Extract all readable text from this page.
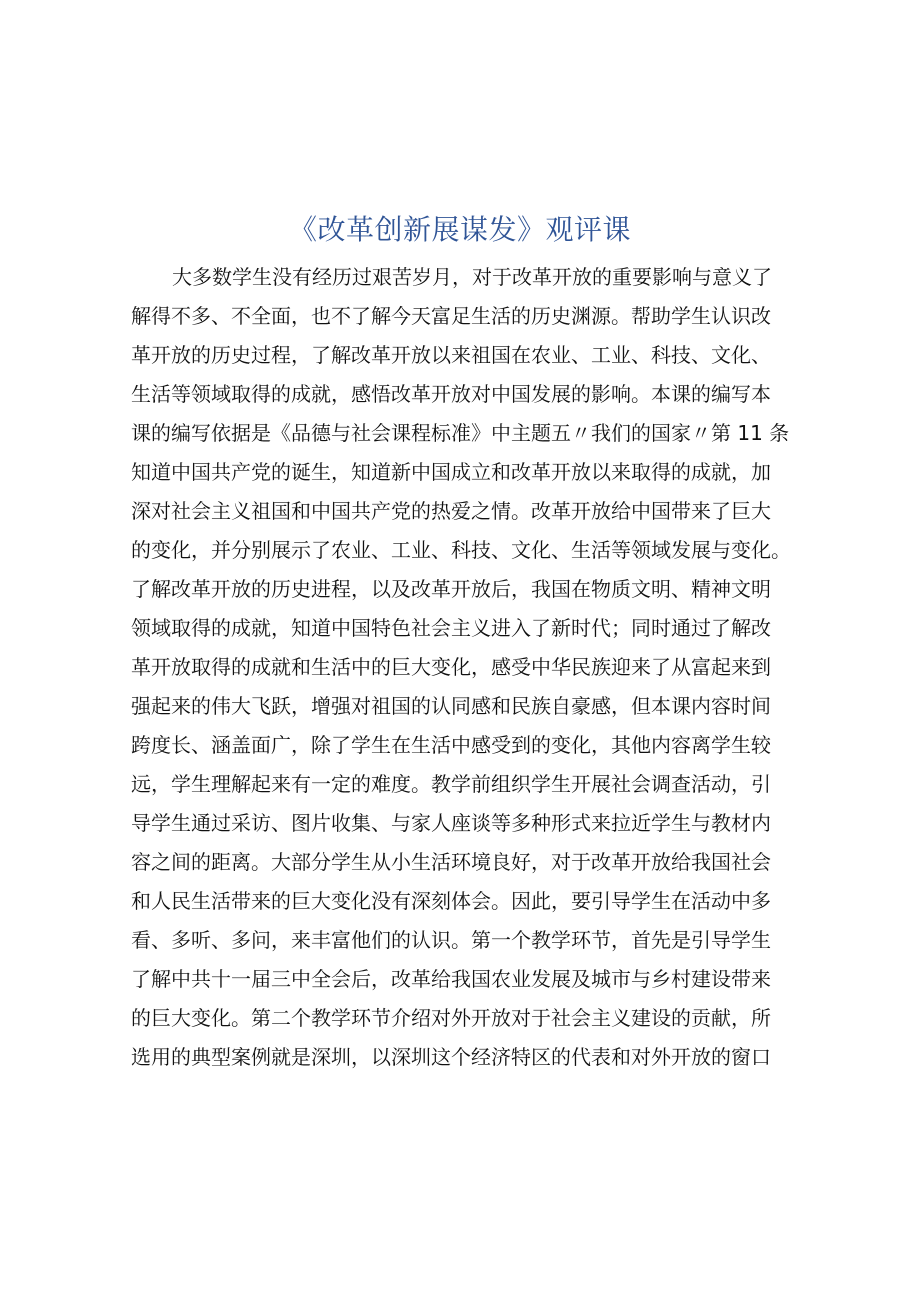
《改革创新展谋发》观评课
大多数学生没有经历过艰苦岁月，对于改革开放的重要影响与意义了
解得不多、不全面，也不了解今天富足生活的历史渊源。帮助学生认识改
革开放的历史过程，了解改革开放以来祖国在农业、工业、科技、文化、
生活等领域取得的成就，感悟改革开放对中国发展的影响。本课的编写本
课的编写依据是《品德与社会课程标准》中主题五〃我们的国家〃第 11 条
知道中国共产党的诞生，知道新中国成立和改革开放以来取得的成就，加
深对社会主义祖国和中国共产党的热爱之情。改革开放给中国带来了巨大
的变化，并分别展示了农业、工业、科技、文化、生活等领域发展与变化。
了解改革开放的历史进程，以及改革开放后，我国在物质文明、精神文明
领域取得的成就，知道中国特色社会主义进入了新时代；同时通过了解改
革开放取得的成就和生活中的巨大变化，感受中华民族迎来了从富起来到
强起来的伟大飞跃，增强对祖国的认同感和民族自豪感，但本课内容时间
跨度长、涵盖面广，除了学生在生活中感受到的变化，其他内容离学生较
远，学生理解起来有一定的难度。教学前组织学生开展社会调查活动，引
导学生通过采访、图片收集、与家人座谈等多种形式来拉近学生与教材内
容之间的距离。大部分学生从小生活环境良好，对于改革开放给我国社会
和人民生活带来的巨大变化没有深刻体会。因此，要引导学生在活动中多
看、多听、多问，来丰富他们的认识。第一个教学环节，首先是引导学生
了解中共十一届三中全会后，改革给我国农业发展及城市与乡村建设带来
的巨大变化。第二个教学环节介绍对外开放对于社会主义建设的贡献，所
选用的典型案例就是深圳，以深圳这个经济特区的代表和对外开放的窗口
